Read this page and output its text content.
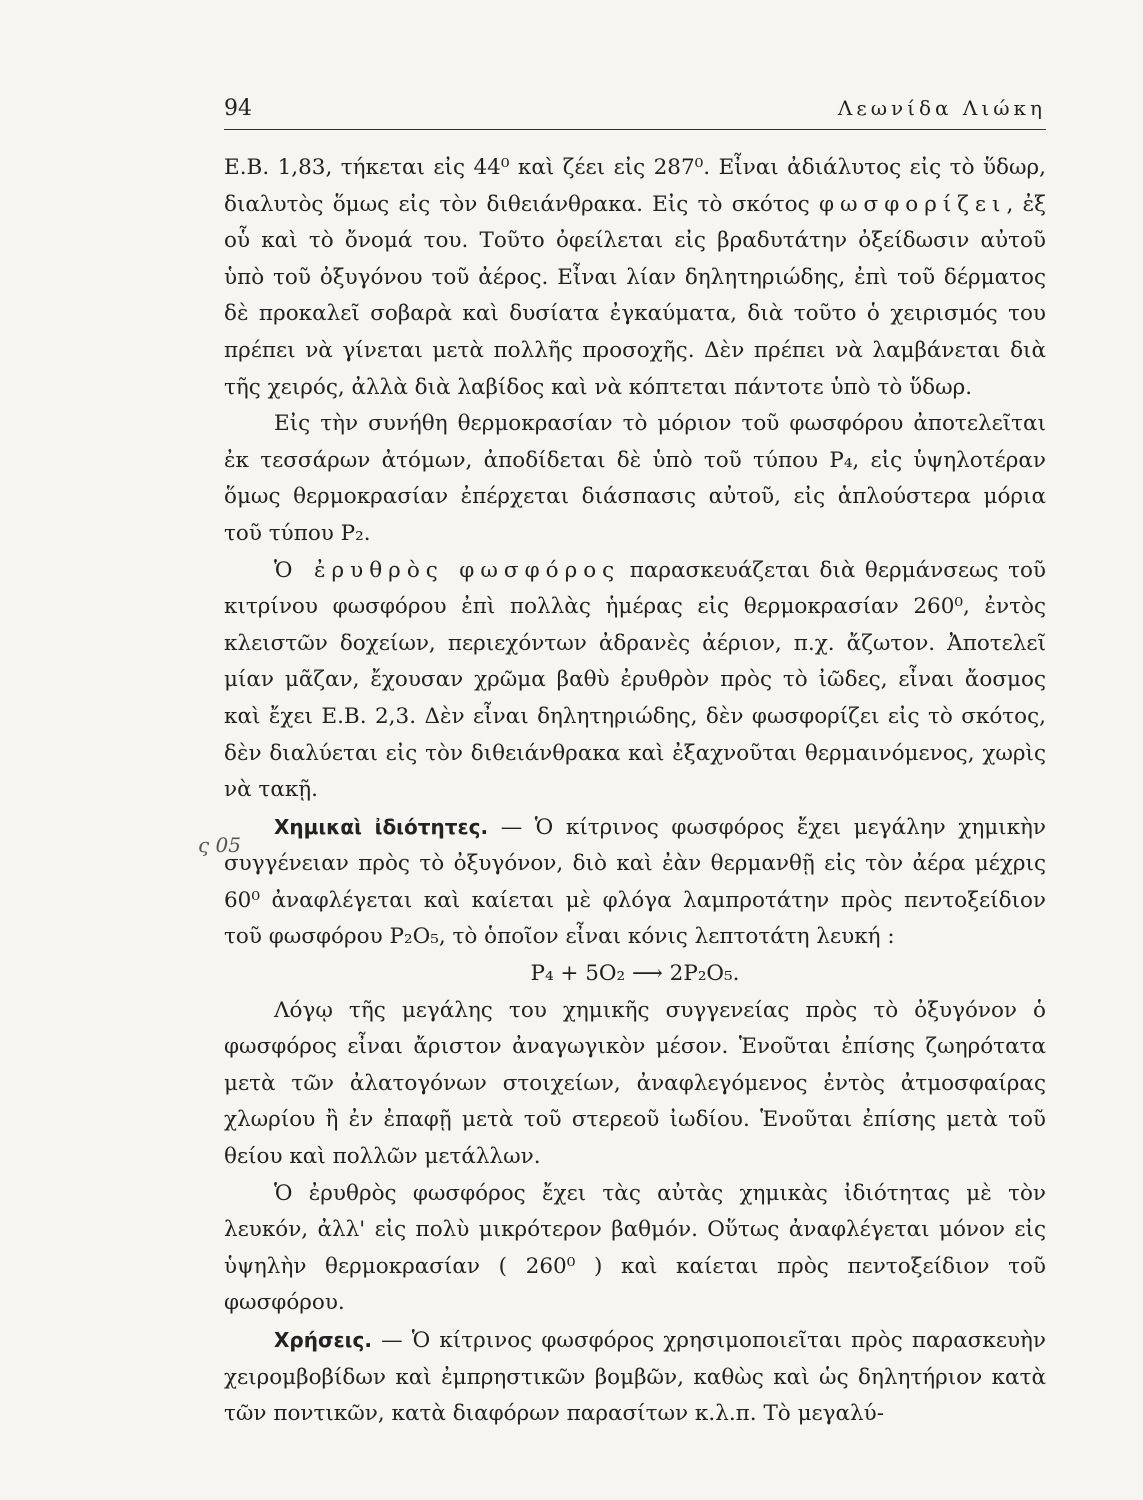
94	Λεωνίδα Λιώκη
ς 05

Ε.Β. 1,83, τήκεται εἰς 44⁰ καὶ ζέει εἰς 287⁰. Εἶναι ἀδιάλυτος εἰς τὸ ὕδωρ, διαλυτὸς ὅμως εἰς τὸν διθειάνθρακα. Εἰς τὸ σκότος φωσφορίζει, ἐξ οὗ καὶ τὸ ὄνομά του. Τοῦτο ὀφείλεται εἰς βραδυτάτην ὀξείδωσιν αὐτοῦ ὑπὸ τοῦ ὀξυγόνου τοῦ ἀέρος. Εἶναι λίαν δηλητηριώδης, ἐπὶ τοῦ δέρματος δὲ προκαλεῖ σοβαρὰ καὶ δυσίατα ἐγκαύματα, διὰ τοῦτο ὁ χειρισμός του πρέπει νὰ γίνεται μετὰ πολλῆς προσοχῆς. Δὲν πρέπει νὰ λαμβάνεται διὰ τῆς χειρός, ἀλλὰ διὰ λαβίδος καὶ νὰ κόπτεται πάντοτε ὑπὸ τὸ ὕδωρ.

Εἰς τὴν συνήθη θερμοκρασίαν τὸ μόριον τοῦ φωσφόρου ἀποτελεῖται ἐκ τεσσάρων ἀτόμων, ἀποδίδεται δὲ ὑπὸ τοῦ τύπου P₄, εἰς ὑψηλοτέραν ὅμως θερμοκρασίαν ἐπέρχεται διάσπασις αὐτοῦ, εἰς ἁπλούστερα μόρια τοῦ τύπου P₂.

Ὁ ἐρυθρὸς φωσφόρος παρασκευάζεται διὰ θερμάνσεως τοῦ κιτρίνου φωσφόρου ἐπὶ πολλὰς ἡμέρας εἰς θερμοκρασίαν 260⁰, ἐντὸς κλειστῶν δοχείων, περιεχόντων ἀδρανὲς ἀέριον, π.χ. ἄζωτον. Ἀποτελεῖ μίαν μᾶζαν, ἔχουσαν χρῶμα βαθὺ ἐρυθρὸν πρὸς τὸ ἰῶδες, εἶναι ἄοσμος καὶ ἔχει Ε.Β. 2,3. Δὲν εἶναι δηλητηριώδης, δὲν φωσφορίζει εἰς τὸ σκότος, δὲν διαλύεται εἰς τὸν διθειάνθρακα καὶ ἐξαχνοῦται θερμαινόμενος, χωρὶς νὰ τακῇ.

Χημικαὶ ἰδιότητες. — Ὁ κίτρινος φωσφόρος ἔχει μεγάλην χημικὴν συγγένειαν πρὸς τὸ ὀξυγόνον, διὸ καὶ ἐὰν θερμανθῇ εἰς τὸν ἀέρα μέχρις 60⁰ ἀναφλέγεται καὶ καίεται μὲ φλόγα λαμπροτάτην πρὸς πεντοξείδιον τοῦ φωσφόρου P₂O₅, τὸ ὁποῖον εἶναι κόνις λεπτοτάτη λευκή :

P₄ + 5O₂ ⟶ 2P₂O₅.

Λόγῳ τῆς μεγάλης του χημικῆς συγγενείας πρὸς τὸ ὀξυγόνον ὁ φωσφόρος εἶναι ἄριστον ἀναγωγικὸν μέσον. Ἑνοῦται ἐπίσης ζωηρότατα μετὰ τῶν ἀλατογόνων στοιχείων, ἀναφλεγόμενος ἐντὸς ἀτμοσφαίρας χλωρίου ἢ ἐν ἐπαφῇ μετὰ τοῦ στερεοῦ ἰωδίου. Ἑνοῦται ἐπίσης μετὰ τοῦ θείου καὶ πολλῶν μετάλλων.

Ὁ ἐρυθρὸς φωσφόρος ἔχει τὰς αὐτὰς χημικὰς ἰδιότητας μὲ τὸν λευκόν, ἀλλ' εἰς πολὺ μικρότερον βαθμόν. Οὕτως ἀναφλέγεται μόνον εἰς ὑψηλὴν θερμοκρασίαν ( 260⁰ ) καὶ καίεται πρὸς πεντοξείδιον τοῦ φωσφόρου.

Χρήσεις. — Ὁ κίτρινος φωσφόρος χρησιμοποιεῖται πρὸς παρασκευὴν χειρομβοβίδων καὶ ἐμπρηστικῶν βομβῶν, καθὼς καὶ ὡς δηλητήριον κατὰ τῶν ποντικῶν, κατὰ διαφόρων παρασίτων κ.λ.π. Τὸ μεγαλύ-
